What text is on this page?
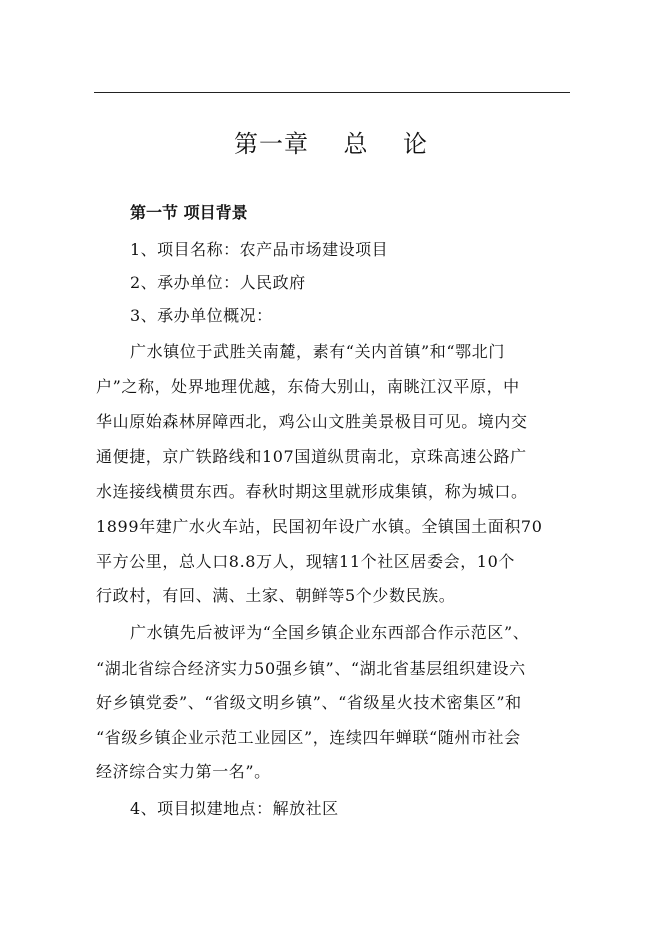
第一章    总    论
第一节 项目背景
1、项目名称：农产品市场建设项目
2、承办单位：人民政府
3、承办单位概况：
广水镇位于武胜关南麓，素有“关内首镇”和“鄂北门
户”之称，处界地理优越，东倚大别山，南眺江汉平原，中
华山原始森林屏障西北，鸡公山文胜美景极目可见。境内交
通便捷，京广铁路线和107国道纵贯南北，京珠高速公路广
水连接线横贯东西。春秋时期这里就形成集镇，称为城口。
1899年建广水火车站，民国初年设广水镇。全镇国土面积70
平方公里，总人口8.8万人，现辖11个社区居委会，10个
行政村，有回、满、土家、朝鲜等5个少数民族。
广水镇先后被评为“全国乡镇企业东西部合作示范区”、
“湖北省综合经济实力50强乡镇”、“湖北省基层组织建设六
好乡镇党委”、“省级文明乡镇”、“省级星火技术密集区”和
“省级乡镇企业示范工业园区”，连续四年蝉联“随州市社会
经济综合实力第一名”。
4、项目拟建地点：解放社区
